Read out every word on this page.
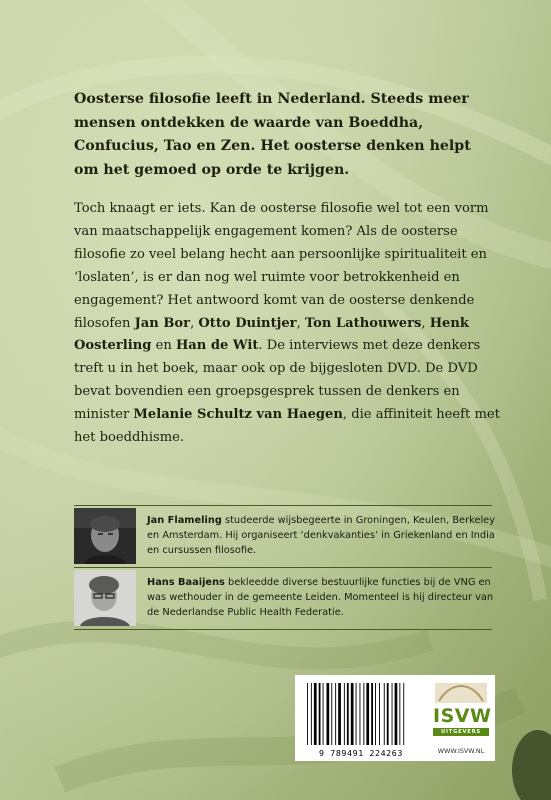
Oosterse filosofie leeft in Nederland. Steeds meer mensen ontdekken de waarde van Boeddha, Confucius, Tao en Zen. Het oosterse denken helpt om het gemoed op orde te krijgen.

Toch knaagt er iets. Kan de oosterse filosofie wel tot een vorm van maatschappelijk engagement komen? Als de oosterse filosofie zo veel belang hecht aan persoonlijke spiritualiteit en ‘loslaten’, is er dan nog wel ruimte voor betrokkenheid en engagement? Het antwoord komt van de oosterse denkende filosofen Jan Bor, Otto Duintjer, Ton Lathouwers, Henk Oosterling en Han de Wit. De interviews met deze denkers treft u in het boek, maar ook op de bijgesloten DVD. De DVD bevat bovendien een groepsgesprek tussen de denkers en minister Melanie Schultz van Haegen, die affiniteit heeft met het boeddhisme.

Jan Flameling studeerde wijsbegeerte in Groningen, Keulen, Berkeley en Amsterdam. Hij organiseert ‘denkvakanties’ in Griekenland en India en cursussen filosofie.

Hans Baaijens bekleedde diverse bestuurlijke functies bij de VNG en was wethouder in de gemeente Leiden. Momenteel is hij directeur van de Nederlandse Public Health Federatie.

9 789491 224263
ISVW
UITGEVERS
WWW.ISVW.NL
